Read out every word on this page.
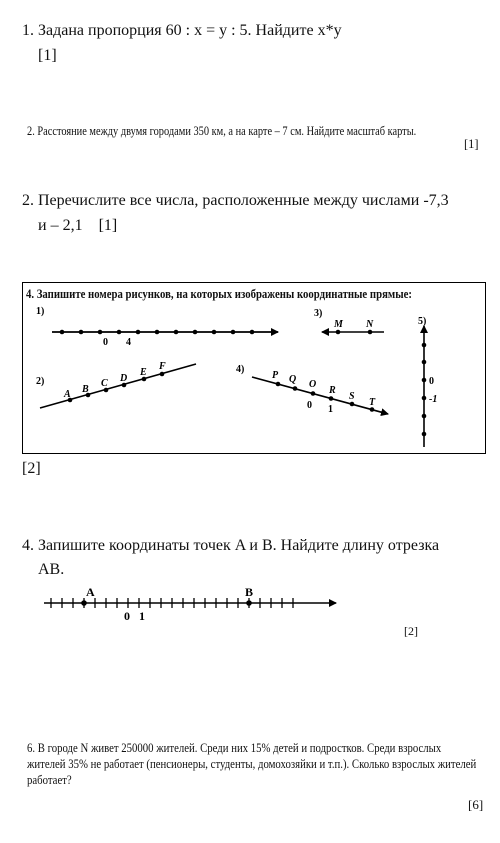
1. Задана пропорция 60 : x = y : 5. Найдите x*y
[1]
2. Расстояние между двумя городами 350 км, а на карте – 7 см. Найдите масштаб карты.
[1]
2. Перечислите все числа, расположенные между числами -7,3
и – 2,1 [1]
4. Запишите номера рисунков, на которых изображены координатные прямые:
1)
2)
3)
4)
5)
0 4
A B
C D
E
F
M N
P Q O
R
S
T
0 1
0
-1
A	B
0 1
[2]
4. Запишите координаты точек A и B. Найдите длину отрезка
AB.
[2]
6. В городе N живет 250000 жителей. Среди них 15% детей и подростков. Среди взрослых жителей 35% не работает (пенсионеры, студенты, домохозяйки и т.п.). Сколько взрослых жителей работает?
[6]
